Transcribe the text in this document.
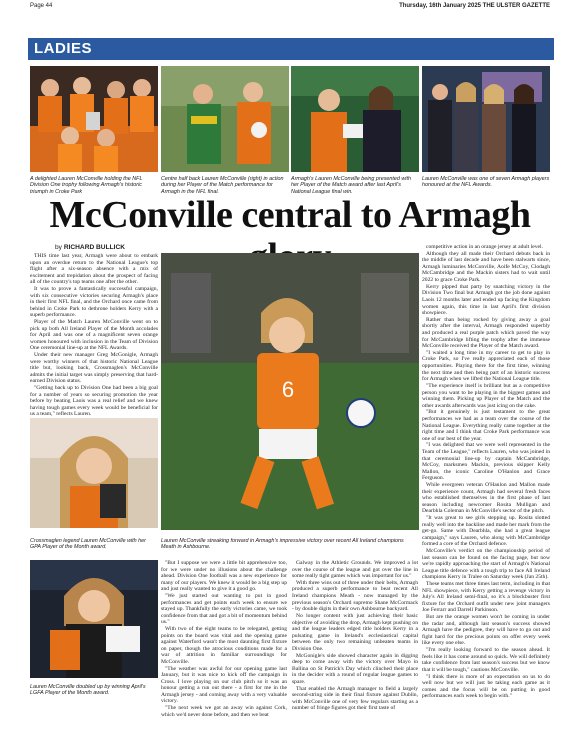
Page 44	Thursday, 16th January 2025 THE ULSTER GAZETTE
LADIES
A delighted Lauren McConville holding the NFL Division One trophy following Armagh's historic triumph in Croke Park
Centre half back Lauren McConville (right) in action during her Player of the Match performance for Armagh in the NFL final.
Armagh's Lauren McConville being presented with her Player of the Match award after last April's National League final win.
Lauren McConville was one of seven Armagh players honoured at the NFL Awards.
McConville central to Armagh
by RICHARD BULLICK

THIS time last year, Armagh were about to embark upon an overdue return to the National League's top flight after a six-season absence with a mix of excitement and trepidation about the prospect of facing all of the country's top teams one after the other.

It was to prove a fantastically successful campaign, with six consecutive victories securing Armagh's place in their first NFL final, and the Orchard once came from behind in Croke Park to dethrone holders Kerry with a superb performance.

Player of the Match Lauren McConville went on to pick up both All Ireland Player of the Month accolades for April and was one of a magnificent seven orange women honoured with inclusion in the Team of Division One ceremonial line-up at the NFL Awards.

Under their new manager Greg McGonigle, Armagh were worthy winners of that historic National League title but, looking back, Crossmaglen's McConville admits the initial target was simply preserving that hard-earned Division status.

"Getting back up to Division One had been a big goal for a number of years so securing promotion the year before by beating Laois was a real relief and we knew having tough games every week would be beneficial for us a team," reflects Lauren.

Crossmaglen legend Lauren McConville with her GPA Player of the Month award.
6
Lauren McConville streaking forward in Armagh's impressive victory over recent All Ireland champions Meath in Ashbourne.

competitive action in an orange jersey at adult level.

Although they all made their Orchard debuts back in the middle of last decade and have been stalwarts since, Armagh luminaries McConville, Aoife McCoy, Clodagh McCambridge and the Mackin sisters had to wait until 2022 to grace Croke Park.

Kerry pipped that party by snatching victory in the Division Two final but Armagh got the job done against Laois 12 months later and ended up facing the Kingdom women again, this time in last April's first division showpiece.

Rather than being rocked by giving away a goal shortly after the interval, Armagh responded superbly and produced a real purple patch which paved the way for McCambridge lifting the trophy after the immense McConville received the Player of the Match award.

"I waited a long time in my career to get to play in Croke Park, so I've really appreciated each of those opportunities. Playing there for the first time, winning the next time and then being part of an historic success for Armagh when we lifted the National League title.

"The experience itself is brilliant but as a competitive person you want to be playing in the biggest games and winning them. Picking up Player of the Match and the other awards afterwards was just icing on the cake.

"But it genuinely is just testament to the great performances we had as a team over the course of the National League. Everything really came together at the right time and I think that Croke Park performance was one of our best of the year.

"I was delighted that we were well represented in the Team of the League," reflects Lauren, who was joined in that ceremonial line-up by captain McCambridge, McCoy, marksmen Mackin, previous skipper Kelly Mallon, the iconic Caroline O'Hanlon and Grace Ferguson.

While evergreen veteran O'Hanlon and Mallon made their experience count, Armagh had several fresh faces who established themselves in the first phase of last season including newcomer Rosita Mulligan and Dearbhla Coleman in McConville's sector of the pitch.

"It was great to see girls stepping up. Rosita slotted really well into the backline and made her mark from the get-go. Same with Dearbhla, she had a great league campaign," says Lauren, who along with McCambridge formed a core of the Orchard defence.

McConville's verdict on the championship period of last season can be found on the facing page, but now we're rapidly approaching the start of Armagh's National League title defence with a tough trip to face All Ireland champions Kerry in Tralee on Saturday week (Jan 25th).

These teams met three times last term, including in that NFL showpiece, with Kerry getting a revenge victory in July's All Ireland semi-final, so it's a blockbuster first fixture for the Orchard outfit under new joint managers Joe Ferrarr and Darrell Parkinson.

But are the orange women won't be coming in under the radar and, although last season's success showed Armagh have the pedigree, they will have to go out and fight hard for the precious points on offer every week like every one else.

"I'm really looking forward to the season ahead. It feels like it has come around so quick. We will definitely take confidence from last season's success but we know that it will be tough," cautions McConville.

"I think there is more of an expectation on us to do well now but we will just be taking each game as it comes and the focus will be on putting in good performances each week to begin with."

Lauren McConville doubled up by winning April's LGFA Player of the Month award.

"But I suppose we were a little bit apprehensive too, for we were under no illusions about the challenge ahead. Division One football was a new experience for many of our players. We knew it would be a big step up and just really wanted to give it a good go.

"We just started out wanting to put in good performances and get points each week to ensure we stayed up. Thankfully the early victories came, we took confidence from that and got a bit of momentum behind us."

With two of the eight teams to be relegated, getting points on the board was vital and the opening game against Waterford wasn't the most daunting first fixture on paper, though the atrocious conditions made for a war of attrition in familiar surroundings for McConville.

"The weather was awful for our opening game last January, but it was nice to kick off the campaign in Cross. I love playing on our club pitch so it was an honour getting a run out there - a first for me in the Armagh jersey - and coming away with a very valuable victory.

"The next week we got an away win against Cork, which we'd never done before, and then we beat

Galway in the Athletic Grounds. We improved a lot over the course of the league and got over the line in some really tight games which was important for us."

With three wins out of three under their belts, Armagh produced a superb performance to beat recent All Ireland champions Meath - now managed by the previous season's Orchard supremo Shane McCormack - by double digits in their own Ashbourne backyard.

No longer content with just achieving their basic objective of avoiding the drop, Armagh kept pushing on and the league leaders edged title holders Kerry in a pulsating game in Ireland's ecclesiastical capital between the only two remaining unbeaten teams in Division One.

McGonigle's side showed character again in digging deep to come away with the victory over Mayo in Ballina on St Patrick's Day which clinched their place in the decider with a round of regular league games to spare.

That enabled the Armagh manager to field a largely second-string side in their final fixture against Dublin, with McConville one of very few regulars starting as a number of fringe figures got their first taste of
